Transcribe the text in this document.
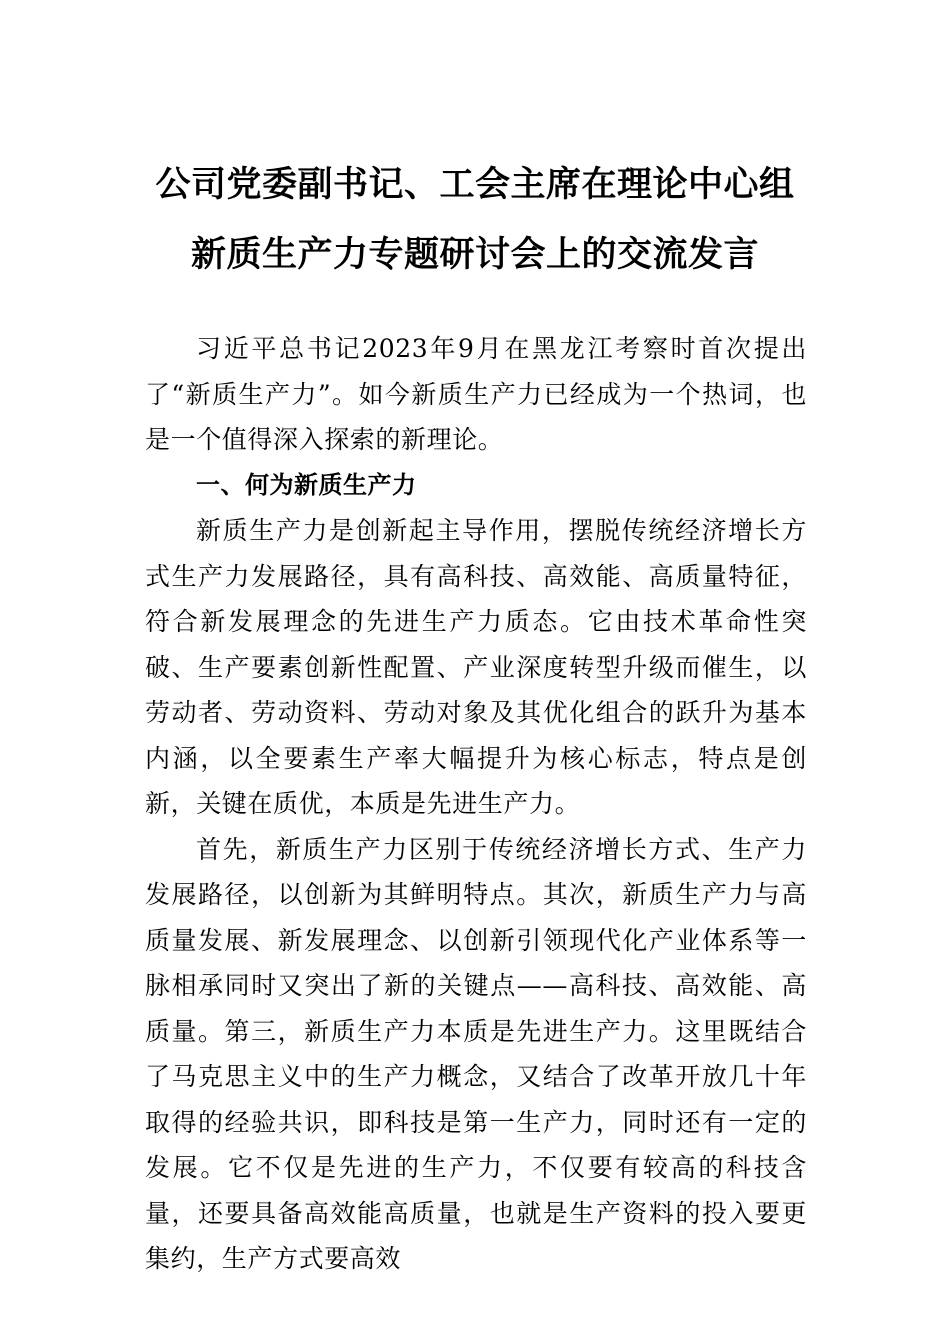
公司党委副书记、工会主席在理论中心组
新质生产力专题研讨会上的交流发言

习近平总书记2023年9月在黑龙江考察时首次提出了“新质生产力”。如今新质生产力已经成为一个热词，也是一个值得深入探索的新理论。

一、何为新质生产力

新质生产力是创新起主导作用，摆脱传统经济增长方式生产力发展路径，具有高科技、高效能、高质量特征，符合新发展理念的先进生产力质态。它由技术革命性突破、生产要素创新性配置、产业深度转型升级而催生，以劳动者、劳动资料、劳动对象及其优化组合的跃升为基本内涵，以全要素生产率大幅提升为核心标志，特点是创新，关键在质优，本质是先进生产力。

首先，新质生产力区别于传统经济增长方式、生产力发展路径，以创新为其鲜明特点。其次，新质生产力与高质量发展、新发展理念、以创新引领现代化产业体系等一脉相承同时又突出了新的关键点——高科技、高效能、高质量。第三，新质生产力本质是先进生产力。这里既结合了马克思主义中的生产力概念，又结合了改革开放几十年取得的经验共识，即科技是第一生产力，同时还有一定的发展。它不仅是先进的生产力，不仅要有较高的科技含量，还要具备高效能高质量，也就是生产资料的投入要更集约，生产方式要高效
